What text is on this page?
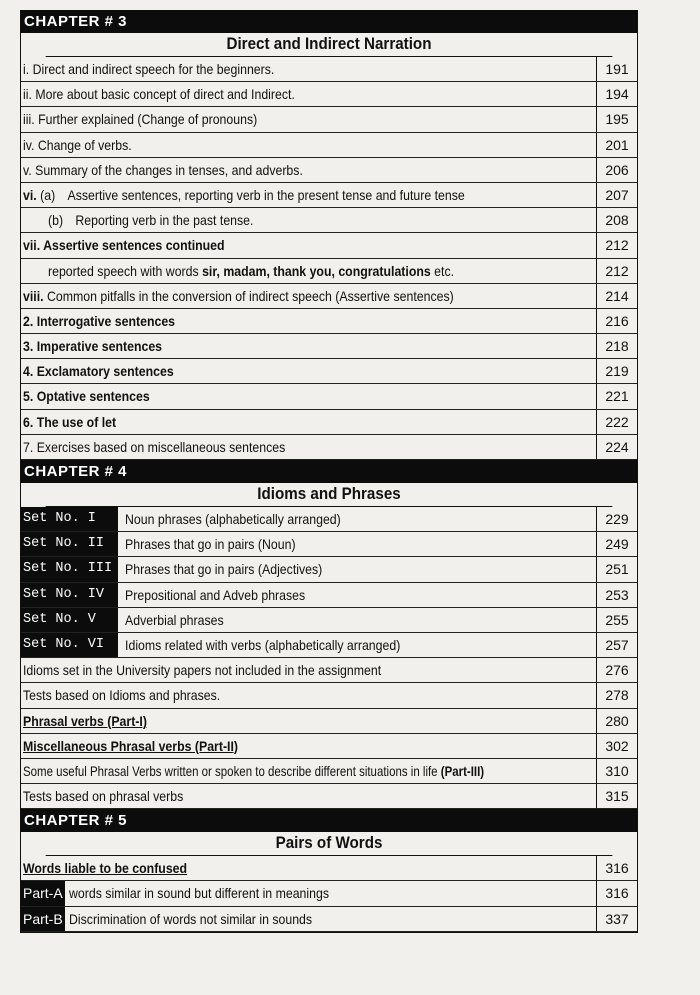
CHAPTER # 3
Direct and Indirect Narration
i. Direct and indirect speech for the beginners.	191
ii. More about basic concept of direct and Indirect.	194
iii. Further explained (Change of pronouns)	195
iv. Change of verbs.	201
v. Summary of the changes in tenses, and adverbs.	206
vi. (a) Assertive sentences, reporting verb in the present tense and future tense	207
(b) Reporting verb in the past tense.	208
vii. Assertive sentences continued	212
reported speech with words sir, madam, thank you, congratulations etc.	212
viii. Common pitfalls in the conversion of indirect speech (Assertive sentences)	214
2. Interrogative sentences	216
3. Imperative sentences	218
4. Exclamatory sentences	219
5. Optative sentences	221
6. The use of let	222
7. Exercises based on miscellaneous sentences	224
CHAPTER # 4
Idioms and Phrases
Set No. I Noun phrases (alphabetically arranged)	229
Set No. II Phrases that go in pairs (Noun)	249
Set No. III Phrases that go in pairs (Adjectives)	251
Set No. IV Prepositional and Adveb phrases	253
Set No. V Adverbial phrases	255
Set No. VI Idioms related with verbs (alphabetically arranged)	257
Idioms set in the University papers not included in the assignment	276
Tests based on Idioms and phrases.	278
Phrasal verbs (Part-I)	280
Miscellaneous Phrasal verbs (Part-II)	302
Some useful Phrasal Verbs written or spoken to describe different situations in life (Part-III)	310
Tests based on phrasal verbs	315
CHAPTER # 5
Pairs of Words
Words liable to be confused	316
Part-A words similar in sound but different in meanings	316
Part-B Discrimination of words not similar in sounds	337
